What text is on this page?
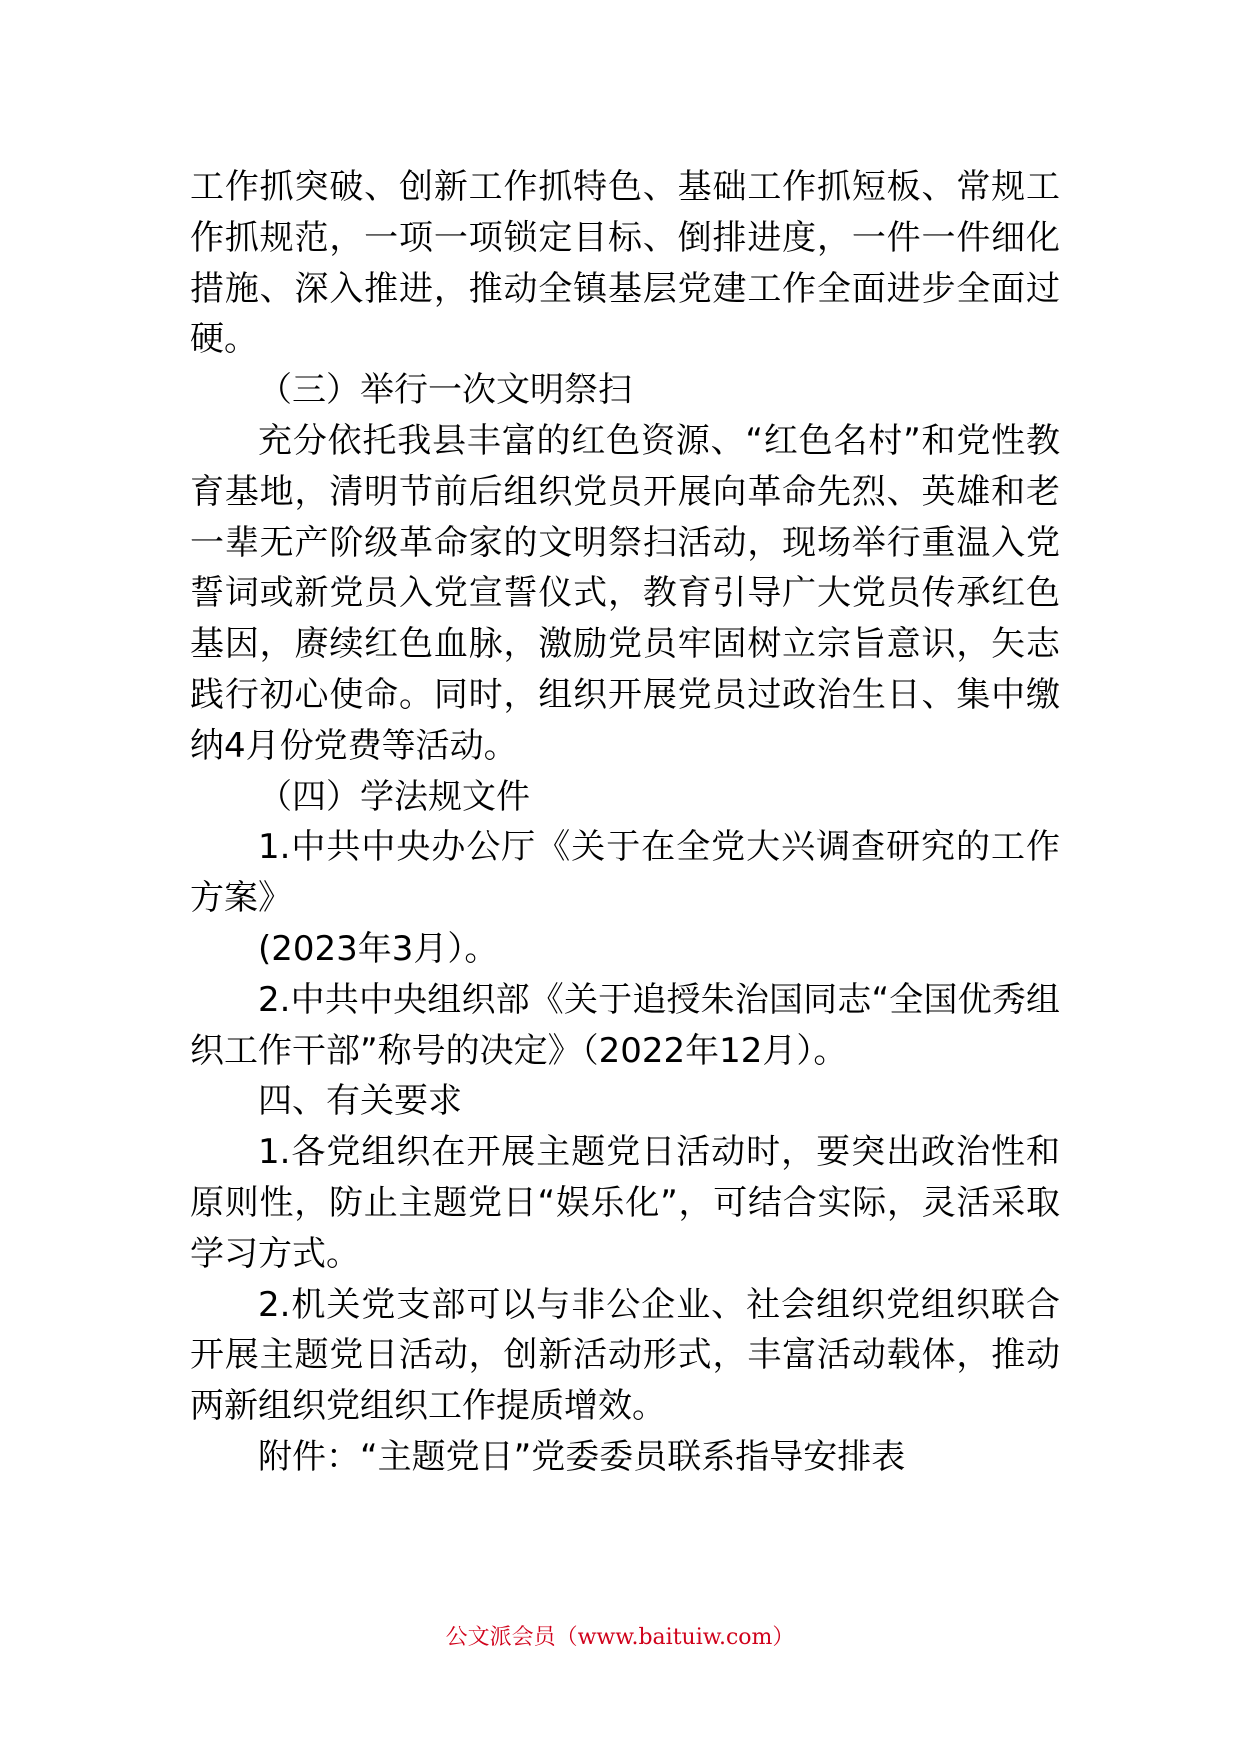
工作抓突破、创新工作抓特色、基础工作抓短板、常规工作抓规范，一项一项锁定目标、倒排进度，一件一件细化措施、深入推进，推动全镇基层党建工作全面进步全面过硬。

（三）举行一次文明祭扫

充分依托我县丰富的红色资源、“红色名村”和党性教育基地，清明节前后组织党员开展向革命先烈、英雄和老一辈无产阶级革命家的文明祭扫活动，现场举行重温入党誓词或新党员入党宣誓仪式，教育引导广大党员传承红色基因，赓续红色血脉，激励党员牢固树立宗旨意识，矢志践行初心使命。同时，组织开展党员过政治生日、集中缴纳4月份党费等活动。

（四）学法规文件

1.中共中央办公厅《关于在全党大兴调查研究的工作方案》

(2023年3月）。

2.中共中央组织部《关于追授朱治国同志“全国优秀组织工作干部”称号的决定》（2022年12月）。

四、有关要求

1.各党组织在开展主题党日活动时，要突出政治性和原则性，防止主题党日“娱乐化”，可结合实际，灵活采取学习方式。

2.机关党支部可以与非公企业、社会组织党组织联合开展主题党日活动，创新活动形式，丰富活动载体，推动两新组织党组织工作提质增效。

附件：“主题党日”党委委员联系指导安排表

公文派会员（www.baituiw.com）
